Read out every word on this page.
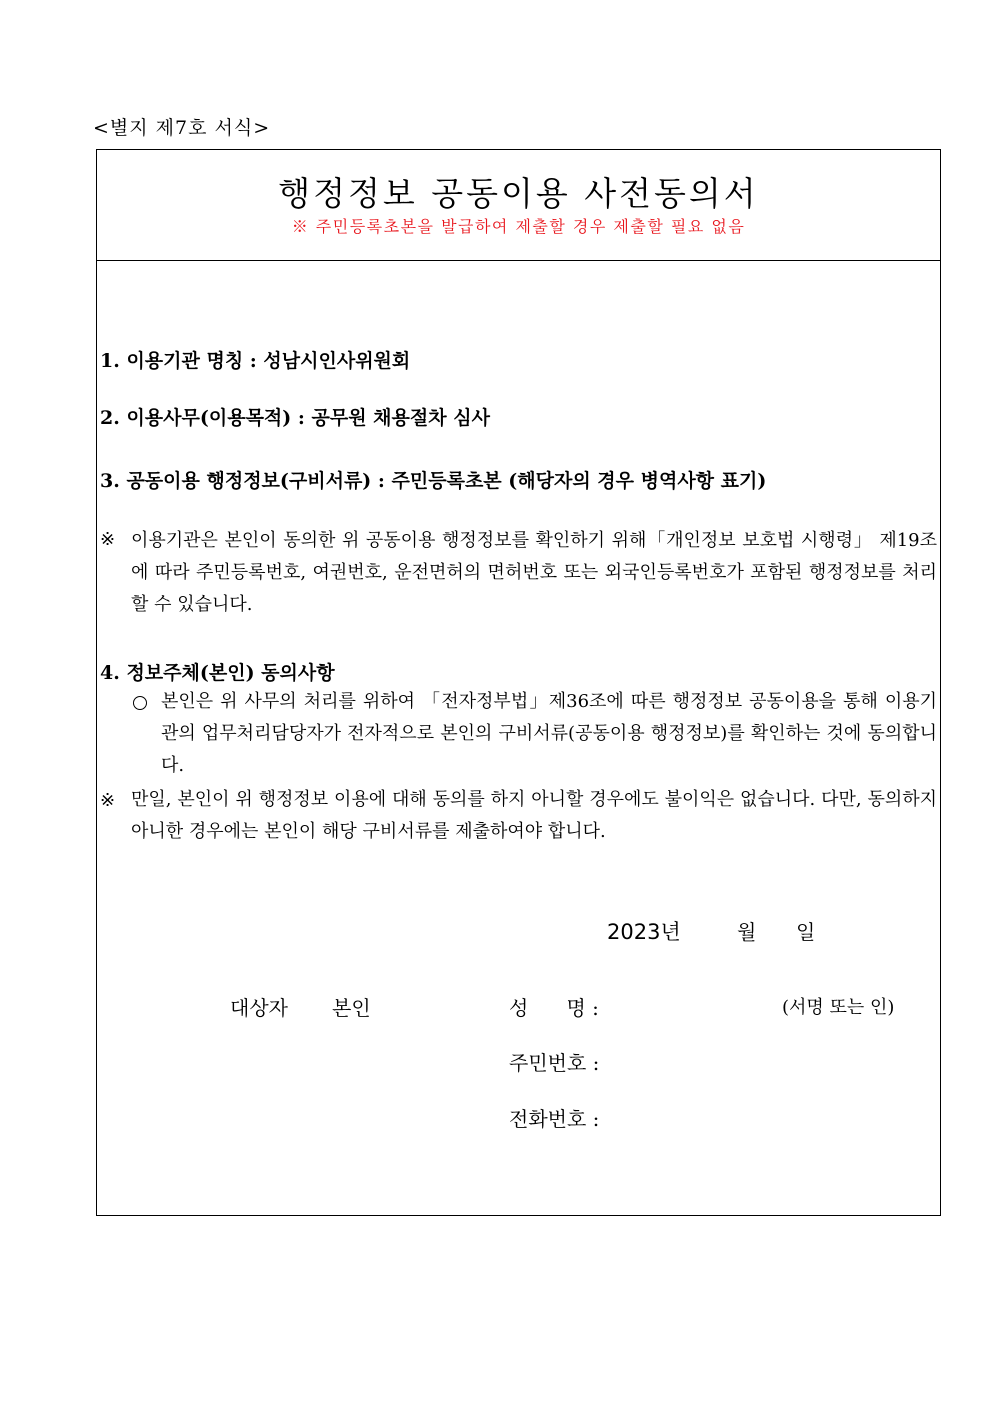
<별지 제7호 서식>
행정정보 공동이용 사전동의서
※ 주민등록초본을 발급하여 제출할 경우 제출할 필요 없음
1. 이용기관 명칭 : 성남시인사위원회
2. 이용사무(이용목적) : 공무원 채용절차 심사
3. 공동이용 행정정보(구비서류) : 주민등록초본 (해당자의 경우 병역사항 표기)
※ 이용기관은 본인이 동의한 위 공동이용 행정정보를 확인하기 위해「개인정보 보호법 시행령」 제19조에 따라 주민등록번호, 여권번호, 운전면허의 면허번호 또는 외국인등록번호가 포함된 행정정보를 처리할 수 있습니다.
4. 정보주체(본인) 동의사항
본인은 위 사무의 처리를 위하여 「전자정부법」제36조에 따른 행정정보 공동이용을 통해 이용기관의 업무처리담당자가 전자적으로 본인의 구비서류(공동이용 행정정보)를 확인하는 것에 동의합니다.
※ 만일, 본인이 위 행정정보 이용에 대해 동의를 하지 아니할 경우에도 불이익은 없습니다. 다만, 동의하지 아니한 경우에는 본인이 해당 구비서류를 제출하여야 합니다.
2023년	월 일
대상자 본인	성      명 :	(서명 또는 인)
주민번호 :
전화번호 :
